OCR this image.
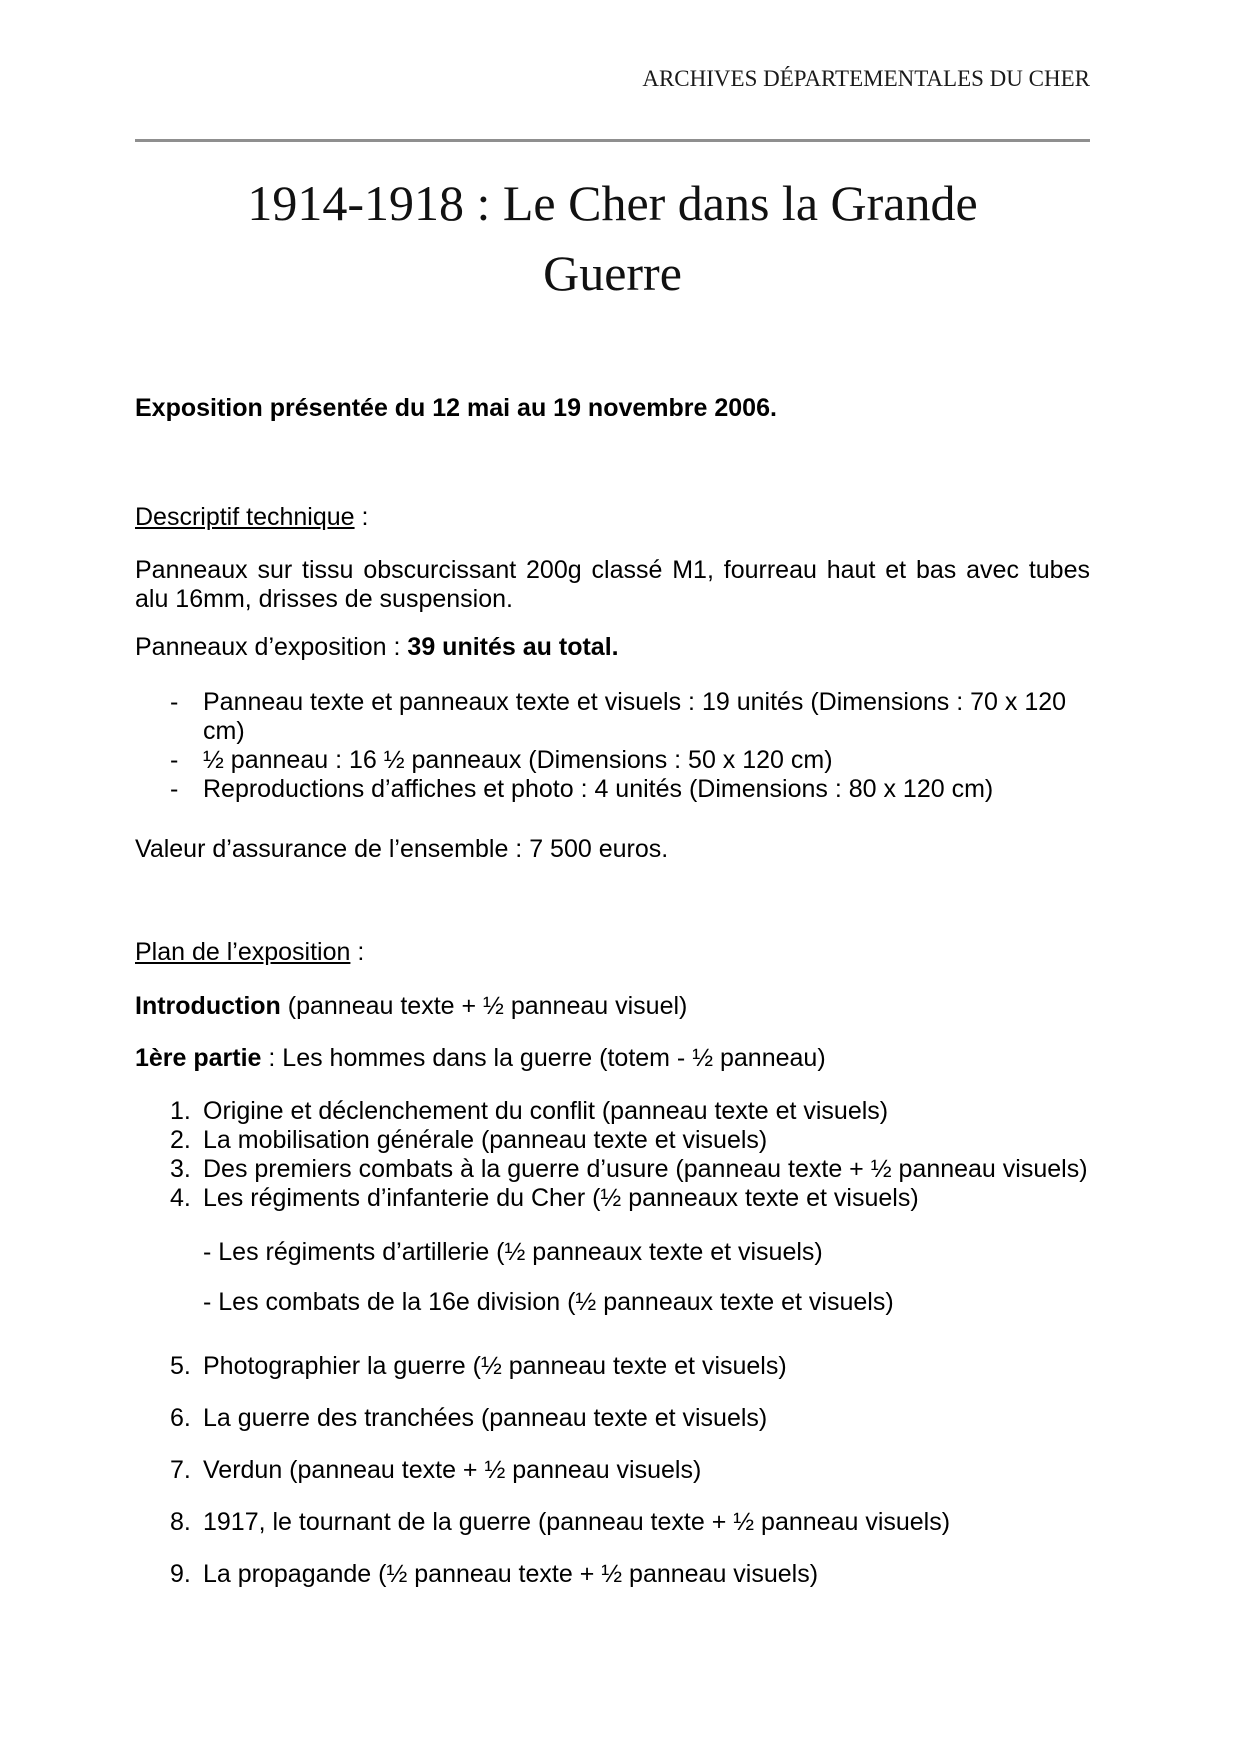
ARCHIVES DÉPARTEMENTALES DU CHER
1914-1918 : Le Cher dans la Grande
Guerre
Exposition présentée du 12 mai au 19 novembre 2006.
Descriptif technique :
Panneaux sur tissu obscurcissant 200g classé M1, fourreau haut et bas avec tubes alu 16mm, drisses de suspension.
Panneaux d’exposition : 39 unités au total.
- Panneau texte et panneaux texte et visuels : 19 unités (Dimensions : 70 x 120 cm)
- ½ panneau : 16 ½ panneaux (Dimensions : 50 x 120 cm)
- Reproductions d’affiches et photo : 4 unités (Dimensions : 80 x 120 cm)
Valeur d’assurance de l’ensemble : 7 500 euros.
Plan de l’exposition :
Introduction (panneau texte + ½ panneau visuel)
1ère partie : Les hommes dans la guerre (totem - ½ panneau)
1. Origine et déclenchement du conflit (panneau texte et visuels)
2. La mobilisation générale (panneau texte et visuels)
3. Des premiers combats à la guerre d’usure (panneau texte + ½ panneau visuels)
4. Les régiments d’infanterie du Cher (½ panneaux texte et visuels)
- Les régiments d’artillerie (½ panneaux texte et visuels)
- Les combats de la 16e division (½ panneaux texte et visuels)
5. Photographier la guerre (½ panneau texte et visuels)
6. La guerre des tranchées (panneau texte et visuels)
7. Verdun (panneau texte + ½ panneau visuels)
8. 1917, le tournant de la guerre (panneau texte + ½ panneau visuels)
9. La propagande (½ panneau texte + ½ panneau visuels)
